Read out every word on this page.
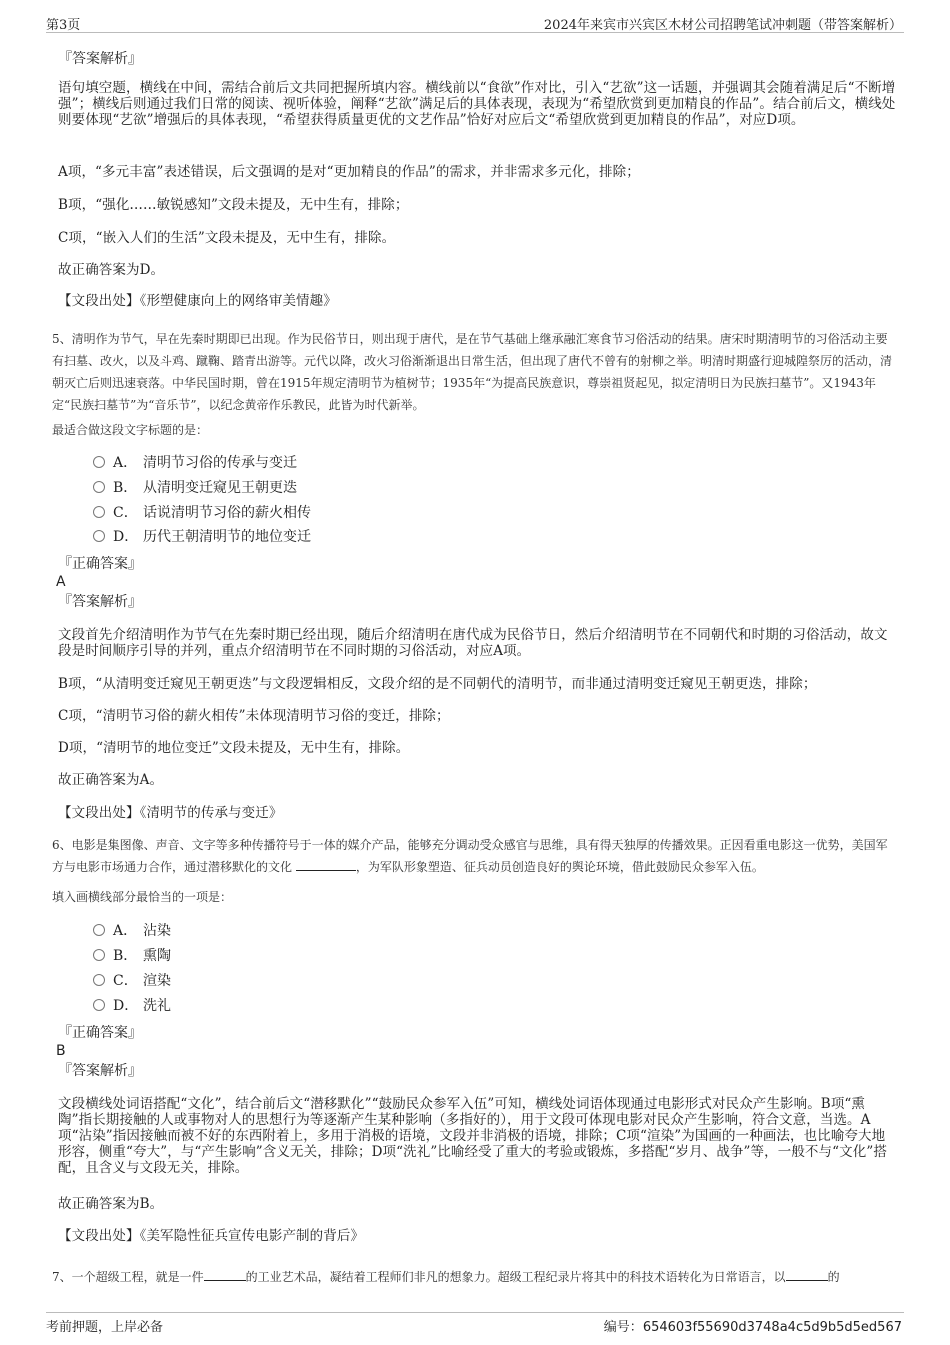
第3页	2024年来宾市兴宾区木材公司招聘笔试冲刺题（带答案解析）
『答案解析』
语句填空题，横线在中间，需结合前后文共同把握所填内容。横线前以“食欲”作对比，引入“艺欲”这一话题，并强调其会随着满足后“不断增强”；横线后则通过我们日常的阅读、视听体验，阐释“艺欲”满足后的具体表现，表现为“希望欣赏到更加精良的作品”。结合前后文，横线处则要体现“艺欲”增强后的具体表现，“希望获得质量更优的文艺作品”恰好对应后文“希望欣赏到更加精良的作品”，对应D项。
A项，“多元丰富”表述错误，后文强调的是对“更加精良的作品”的需求，并非需求多元化，排除；
B项，“强化……敏锐感知”文段未提及，无中生有，排除；
C项，“嵌入人们的生活”文段未提及，无中生有，排除。
故正确答案为D。
【文段出处】《形塑健康向上的网络审美情趣》
5、清明作为节气，早在先秦时期即已出现。作为民俗节日，则出现于唐代，是在节气基础上继承融汇寒食节习俗活动的结果。唐宋时期清明节的习俗活动主要有扫墓、改火，以及斗鸡、蹴鞠、踏青出游等。元代以降，改火习俗渐渐退出日常生活，但出现了唐代不曾有的射柳之举。明清时期盛行迎城隍祭厉的活动，清朝灭亡后则迅速衰落。中华民国时期，曾在1915年规定清明节为植树节；1935年“为提高民族意识，尊崇祖贤起见，拟定清明日为民族扫墓节”。又1943年定“民族扫墓节”为“音乐节”，以纪念黄帝作乐教民，此皆为时代新举。
最适合做这段文字标题的是：
A． 清明节习俗的传承与变迁
B． 从清明变迁窥见王朝更迭
C． 话说清明节习俗的薪火相传
D． 历代王朝清明节的地位变迁
『正确答案』
A
『答案解析』
文段首先介绍清明作为节气在先秦时期已经出现，随后介绍清明在唐代成为民俗节日，然后介绍清明节在不同朝代和时期的习俗活动，故文段是时间顺序引导的并列，重点介绍清明节在不同时期的习俗活动，对应A项。
B项，“从清明变迁窥见王朝更迭”与文段逻辑相反，文段介绍的是不同朝代的清明节，而非通过清明变迁窥见王朝更迭，排除；
C项，“清明节习俗的薪火相传”未体现清明节习俗的变迁，排除；
D项，“清明节的地位变迁”文段未提及，无中生有，排除。
故正确答案为A。
【文段出处】《清明节的传承与变迁》
6、电影是集图像、声音、文字等多种传播符号于一体的媒介产品，能够充分调动受众感官与思维，具有得天独厚的传播效果。正因看重电影这一优势，美国军方与电影市场通力合作，通过潜移默化的文化	，为军队形象塑造、征兵动员创造良好的舆论环境，借此鼓励民众参军入伍。
填入画横线部分最恰当的一项是：
A． 沾染
B． 熏陶
C． 渲染
D． 洗礼
『正确答案』
B
『答案解析』
文段横线处词语搭配“文化”，结合前后文“潜移默化”“鼓励民众参军入伍”可知，横线处词语体现通过电影形式对民众产生影响。B项“熏陶”指长期接触的人或事物对人的思想行为等逐渐产生某种影响（多指好的），用于文段可体现电影对民众产生影响，符合文意，当选。A项“沾染”指因接触而被不好的东西附着上，多用于消极的语境，文段并非消极的语境，排除；C项“渲染”为国画的一种画法，也比喻夸大地形容，侧重“夸大”，与“产生影响”含义无关，排除；D项“洗礼”比喻经受了重大的考验或锻炼，多搭配“岁月、战争”等，一般不与“文化”搭配，且含义与文段无关，排除。
故正确答案为B。
【文段出处】《美军隐性征兵宣传电影产制的背后》
7、一个超级工程，就是一件	的工业艺术品，凝结着工程师们非凡的想象力。超级工程纪录片将其中的科技术语转化为日常语言，以	的
考前押题，上岸必备	编号：654603f55690d3748a4c5d9b5d5ed567
